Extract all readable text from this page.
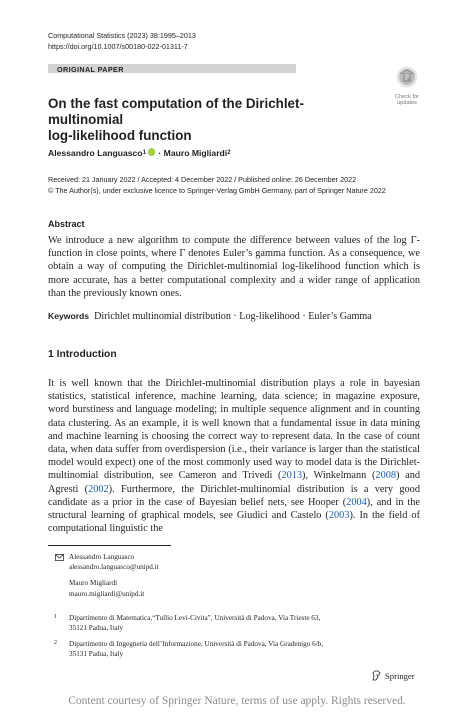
Computational Statistics (2023) 38:1995–2013
https://doi.org/10.1007/s00180-022-01311-7
ORIGINAL PAPER
Check for
updates
On the fast computation of the Dirichlet-multinomial
log-likelihood function
Alessandro Languasco 1 ·
Mauro Migliardi 2
Received: 21 January 2022 / Accepted: 4 December 2022 / Published online: 26 December 2022
© The Author(s), under exclusive licence to Springer-Verlag GmbH Germany, part of Springer Nature 2022
Abstract
We introduce a new algorithm to compute the difference between values of the log Γ-function in close points, where Γ denotes Euler’s gamma function. As a consequence, we obtain a way of computing the Dirichlet-multinomial log-likelihood function which is more accurate, has a better computational complexity and a wider range of application than the previously known ones.
Keywords Dirichlet multinomial distribution · Log-likelihood · Euler’s Gamma
1 Introduction
It is well known that the Dirichlet-multinomial distribution plays a role in bayesian statistics, statistical inference, machine learning, data science; in magazine exposure, word burstiness and language modeling; in multiple sequence alignment and in counting data clustering. As an example, it is well known that a fundamental issue in data mining and machine learning is choosing the correct way to represent data. In the case of count data, when data suffer from overdispersion (i.e., their variance is larger than the statistical model would expect) one of the most commonly used way to model data is the Dirichlet-multinomial distribution, see Cameron and Trivedi (2013), Winkelmann (2008) and Agresti (2002). Furthermore, the Dirichlet-multinomial distribution is a very good candidate as a prior in the case of Bayesian belief nets, see Hooper (2004), and in the structural learning of graphical models, see Giudici and Castelo (2003). In the field of computational linguistic the
Alessandro Languasco
alessandro.languasco@unipd.it
Mauro Migliardi
mauro.migliardi@unipd.it
1 Dipartimento di Matematica,“Tullio Levi-Civita”, Università di Padova, Via Trieste 63,
35121 Padua, Italy
2 Dipartimento di Ingegneria dell’Informazione, Università di Padova, Via Gradenigo 6/b,
35131 Padua, Italy
Springer
Content courtesy of Springer Nature, terms of use apply. Rights reserved.
